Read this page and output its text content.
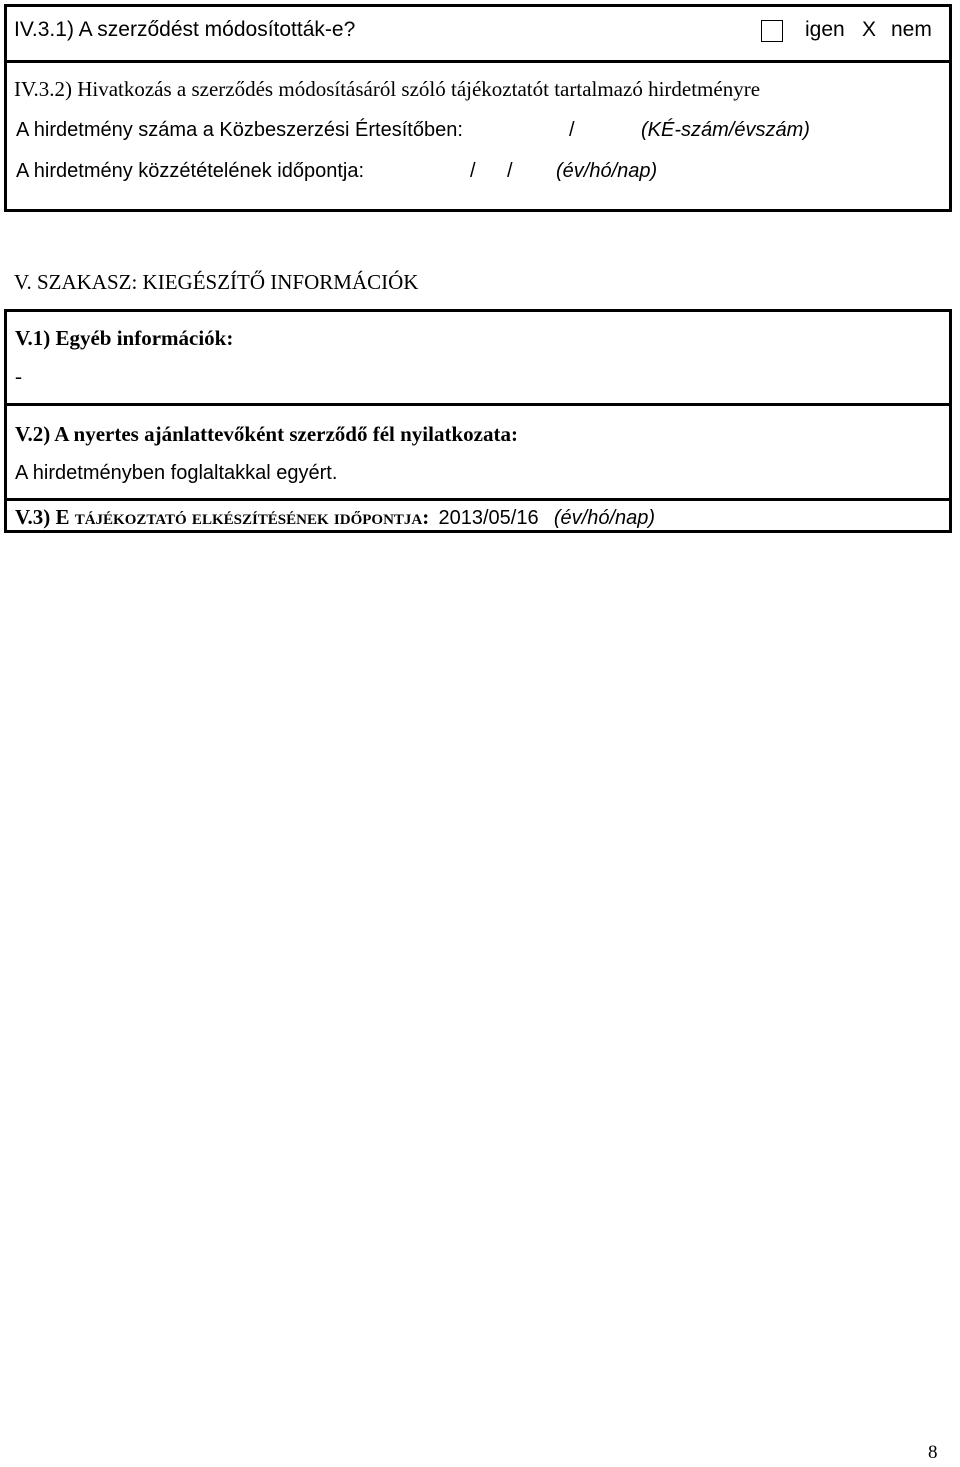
IV.3.1) A szerződést módosították-e?	igen X nem
IV.3.2) Hivatkozás a szerződés módosításáról szóló tájékoztatót tartalmazó hirdetményre
A hirdetmény száma a Közbeszerzési Értesítőben:	/	(KÉ-szám/évszám)
A hirdetmény közzétételének időpontja:	/ / (év/hó/nap)
V. SZAKASZ: KIEGÉSZÍTŐ INFORMÁCIÓK
V.1) Egyéb információk:
-
V.2) A nyertes ajánlattevőként szerződő fél nyilatkozata:
A hirdetményben foglaltakkal egyért.
V.3) E tájékoztató elkészítésének időpontja: 2013/05/16 (év/hó/nap)
8
